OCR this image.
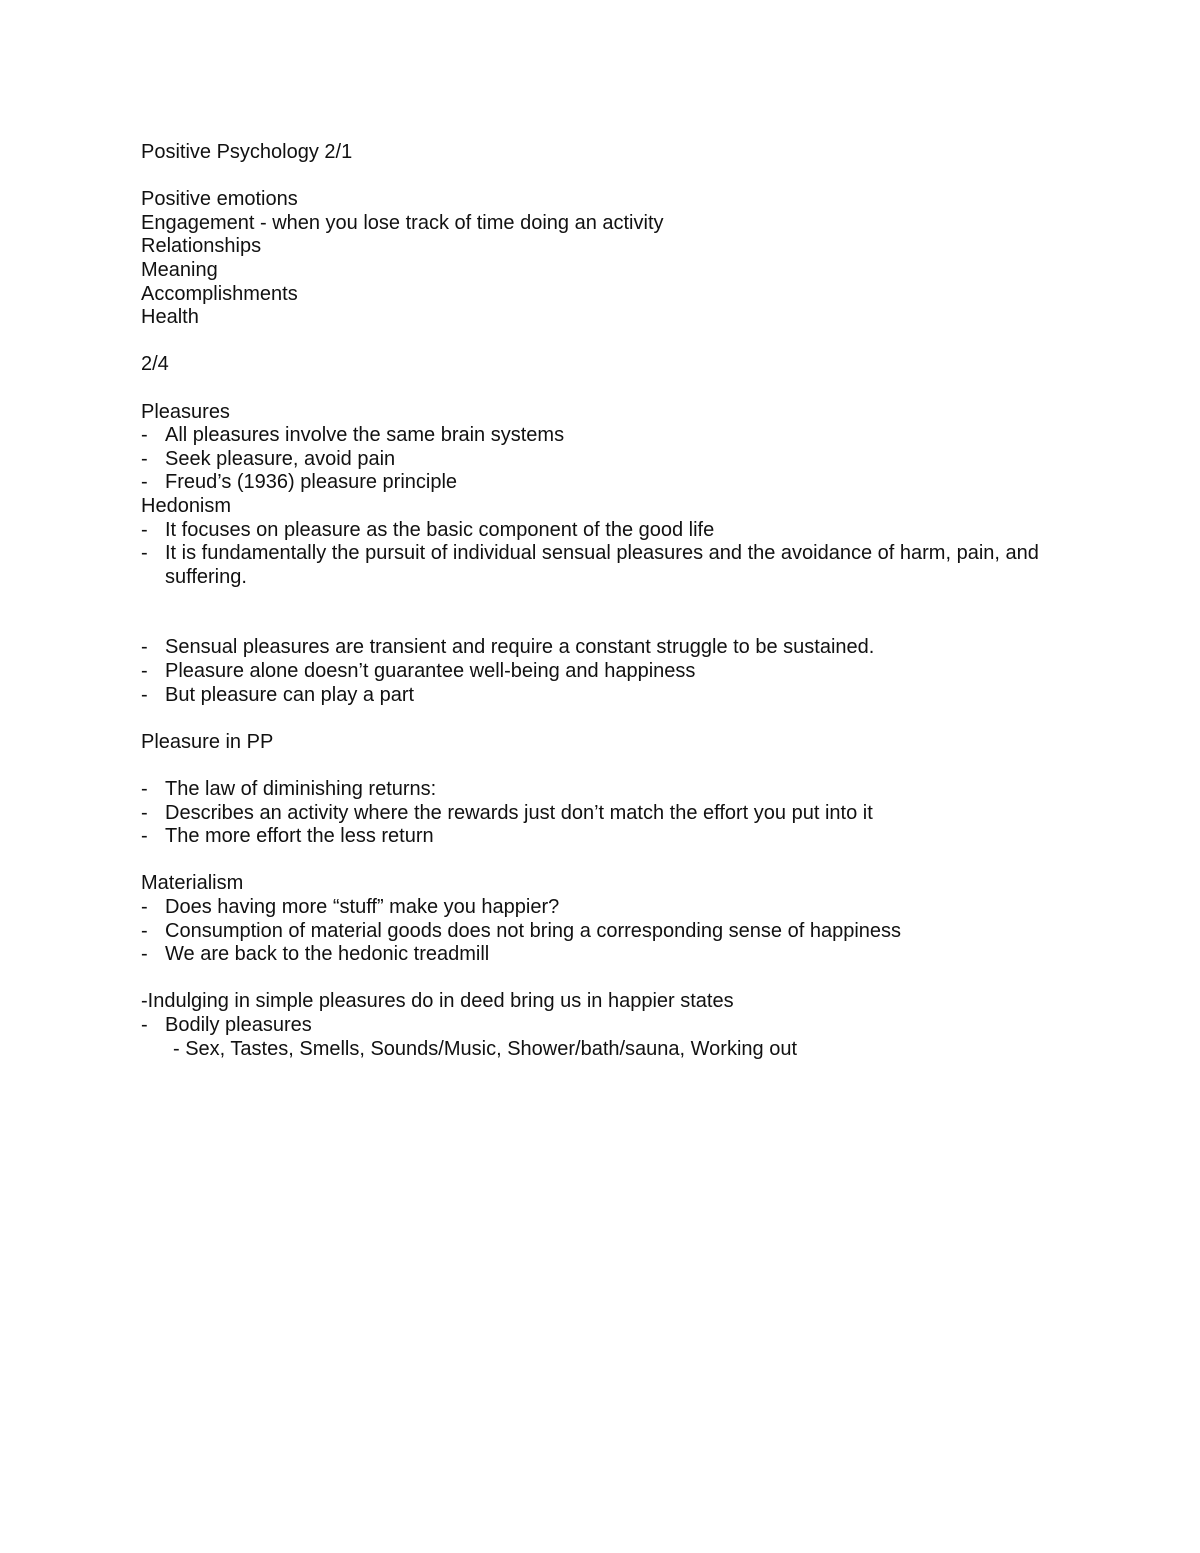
Positive Psychology 2/1

Positive emotions

Engagement - when you lose track of time doing an activity

Relationships

Meaning

Accomplishments

Health

2/4

Pleasures

- All pleasures involve the same brain systems
- Seek pleasure, avoid pain
- Freud’s (1936) pleasure principle

Hedonism

- It focuses on pleasure as the basic component of the good life
- It is fundamentally the pursuit of individual sensual pleasures and the avoidance of harm, pain, and suffering.
- Sensual pleasures are transient and require a constant struggle to be sustained.
- Pleasure alone doesn’t guarantee well-being and happiness
- But pleasure can play a part

Pleasure in PP

- The law of diminishing returns:
- Describes an activity where the rewards just don’t match the effort you put into it
- The more effort the less return

Materialism

- Does having more “stuff” make you happier?
- Consumption of material goods does not bring a corresponding sense of happiness
- We are back to the hedonic treadmill

-Indulging in simple pleasures do in deed bring us in happier states

- Bodily pleasures

- Sex, Tastes, Smells, Sounds/Music, Shower/bath/sauna, Working out
